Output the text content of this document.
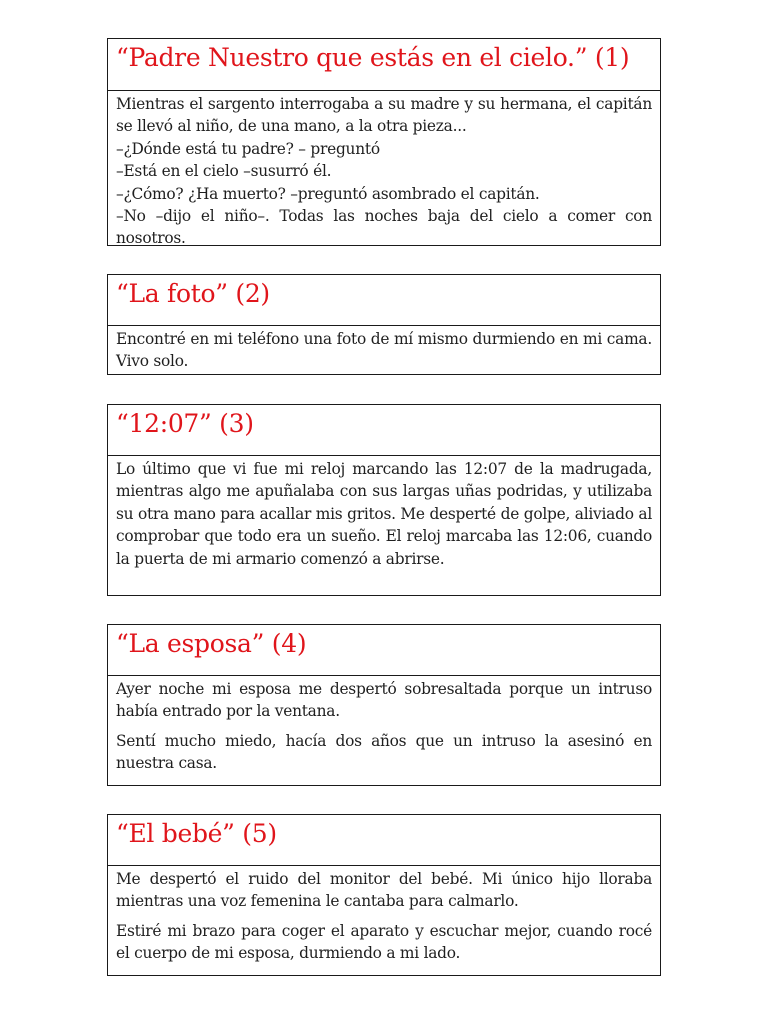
“Padre Nuestro que estás en el cielo.” (1)

Mientras el sargento interrogaba a su madre y su hermana, el capitán se llevó al niño, de una mano, a la otra pieza...

–¿Dónde está tu padre? – preguntó

–Está en el cielo –susurró él.

–¿Cómo? ¿Ha muerto? –preguntó asombrado el capitán.

–No –dijo el niño–. Todas las noches baja del cielo a comer con nosotros.

“La foto” (2)

Encontré en mi teléfono una foto de mí mismo durmiendo en mi cama. Vivo solo.

“12:07” (3)

Lo último que vi fue mi reloj marcando las 12:07 de la madrugada, mientras algo me apuñalaba con sus largas uñas podridas, y utilizaba su otra mano para acallar mis gritos. Me desperté de golpe, aliviado al comprobar que todo era un sueño. El reloj marcaba las 12:06, cuando la puerta de mi armario comenzó a abrirse.

“La esposa” (4)

Ayer noche mi esposa me despertó sobresaltada porque un intruso había entrado por la ventana.

Sentí mucho miedo, hacía dos años que un intruso la asesinó en nuestra casa.

“El bebé” (5)

Me despertó el ruido del monitor del bebé. Mi único hijo lloraba mientras una voz femenina le cantaba para calmarlo.

Estiré mi brazo para coger el aparato y escuchar mejor, cuando rocé el cuerpo de mi esposa, durmiendo a mi lado.
